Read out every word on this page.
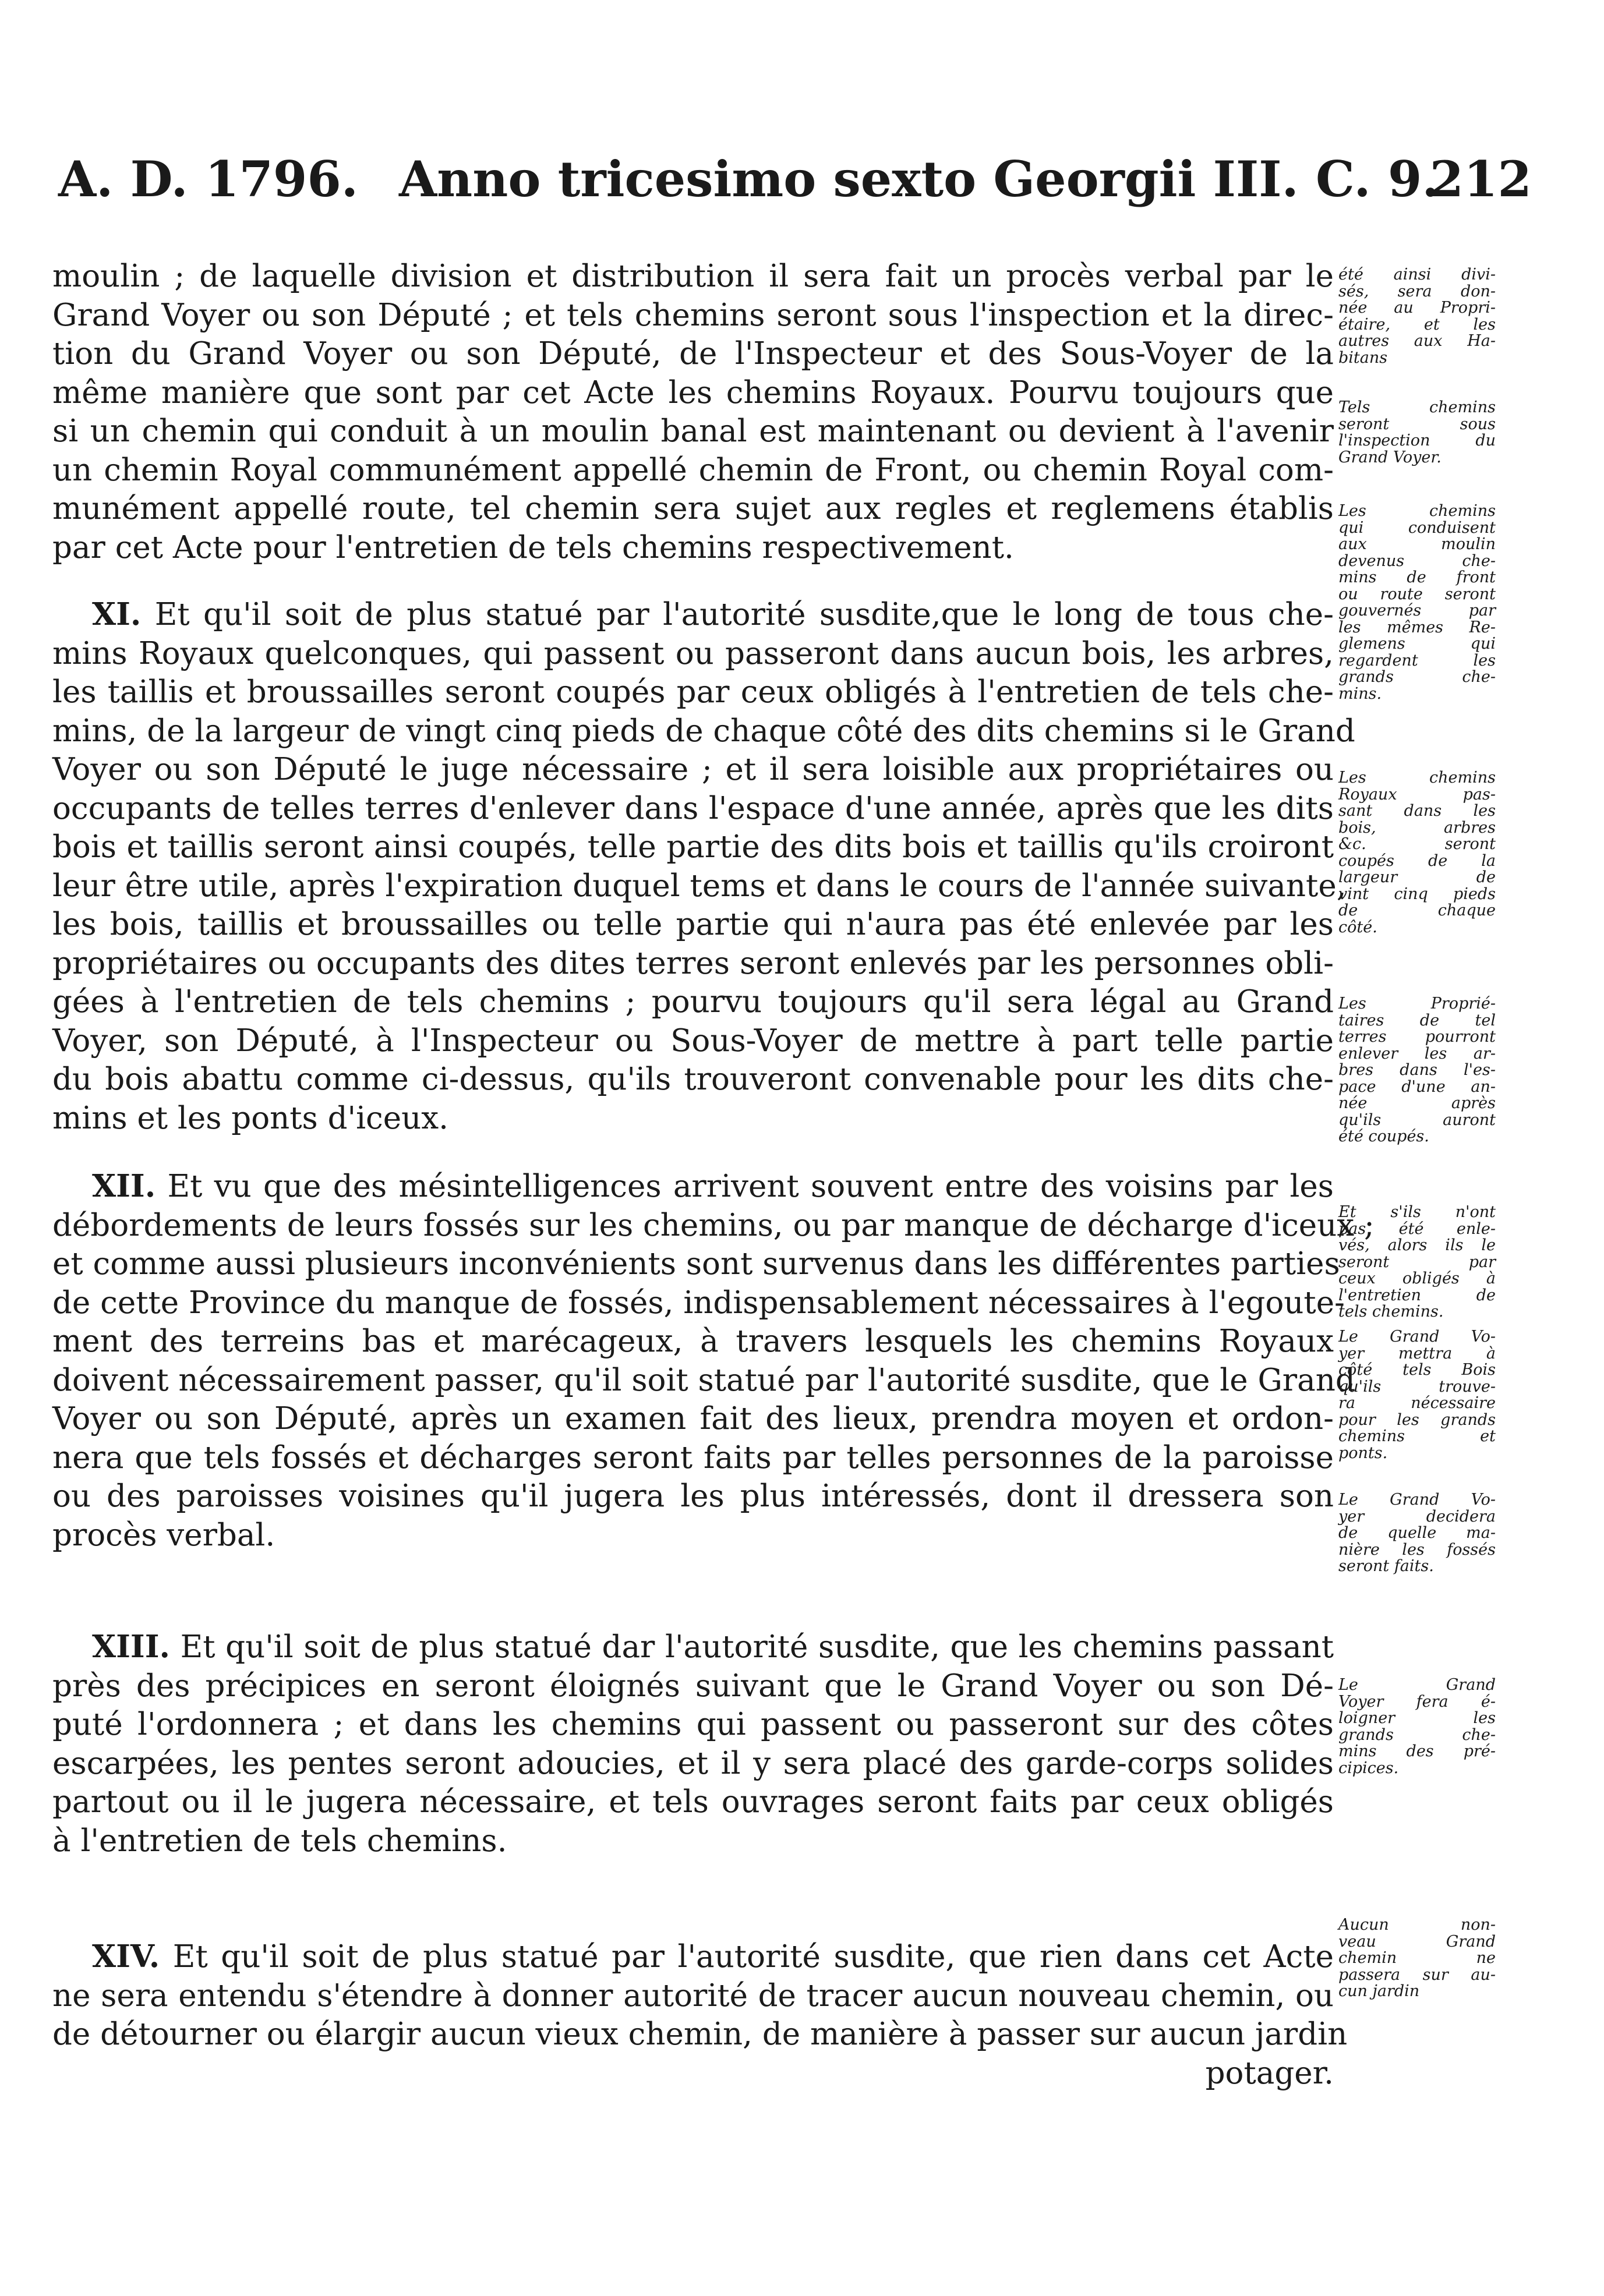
A. D. 1796. Anno tricesimo sexto Georgii III. C. 9.
212
moulin ; de laquelle division et distribution il sera fait un procès verbal par le
Grand Voyer ou son Député ; et tels chemins seront sous l'inspection et la direc-
tion du Grand Voyer ou son Député, de l'Inspecteur et des Sous-Voyer de la
même manière que sont par cet Acte les chemins Royaux. Pourvu toujours que
si un chemin qui conduit à un moulin banal est maintenant ou devient à l'avenir
un chemin Royal communément appellé chemin de Front, ou chemin Royal com-
munément appellé route, tel chemin sera sujet aux regles et reglemens établis
par cet Acte pour l'entretien de tels chemins respectivement.
XI. Et qu'il soit de plus statué par l'autorité susdite,que le long de tous che-
mins Royaux quelconques, qui passent ou passeront dans aucun bois, les arbres,
les taillis et broussailles seront coupés par ceux obligés à l'entretien de tels che-
mins, de la largeur de vingt cinq pieds de chaque côté des dits chemins si le Grand
Voyer ou son Député le juge nécessaire ; et il sera loisible aux propriétaires ou
occupants de telles terres d'enlever dans l'espace d'une année, après que les dits
bois et taillis seront ainsi coupés, telle partie des dits bois et taillis qu'ils croiront
leur être utile, après l'expiration duquel tems et dans le cours de l'année suivante,
les bois, taillis et broussailles ou telle partie qui n'aura pas été enlevée par les
propriétaires ou occupants des dites terres seront enlevés par les personnes obli-
gées à l'entretien de tels chemins ; pourvu toujours qu'il sera légal au Grand
Voyer, son Député, à l'Inspecteur ou Sous-Voyer de mettre à part telle partie
du bois abattu comme ci-dessus, qu'ils trouveront convenable pour les dits che-
mins et les ponts d'iceux.
XII. Et vu que des mésintelligences arrivent souvent entre des voisins par les
débordements de leurs fossés sur les chemins, ou par manque de décharge d'iceux ;
et comme aussi plusieurs inconvénients sont survenus dans les différentes parties
de cette Province du manque de fossés, indispensablement nécessaires à l'egoute-
ment des terreins bas et marécageux, à travers lesquels les chemins Royaux
doivent nécessairement passer, qu'il soit statué par l'autorité susdite, que le Grand
Voyer ou son Député, après un examen fait des lieux, prendra moyen et ordon-
nera que tels fossés et décharges seront faits par telles personnes de la paroisse
ou des paroisses voisines qu'il jugera les plus intéressés, dont il dressera son
procès verbal.
XIII. Et qu'il soit de plus statué dar l'autorité susdite, que les chemins passant
près des précipices en seront éloignés suivant que le Grand Voyer ou son Dé-
puté l'ordonnera ; et dans les chemins qui passent ou passeront sur des côtes
escarpées, les pentes seront adoucies, et il y sera placé des garde-corps solides
partout ou il le jugera nécessaire, et tels ouvrages seront faits par ceux obligés
à l'entretien de tels chemins.
XIV. Et qu'il soit de plus statué par l'autorité susdite, que rien dans cet Acte
ne sera entendu s'étendre à donner autorité de tracer aucun nouveau chemin, ou
de détourner ou élargir aucun vieux chemin, de manière à passer sur aucun jardin
potager.
été ainsi divi-
sés, sera don-
née au Propri-
étaire, et les
autres aux Ha-
bitans
Tels chemins
seront sous
l'inspection du
Grand Voyer.
Les chemins
qui conduisent
aux moulin
devenus che-
mins de front
ou route seront
gouvernés par
les mêmes Re-
glemens qui
regardent les
grands che-
mins.
Les chemins
Royaux pas-
sant dans les
bois, arbres
&c. seront
coupés de la
largeur de
vint cinq pieds
de chaque
côté.
Les Proprié-
taires de tel
terres pourront
enlever les ar-
bres dans l'es-
pace d'une an-
née après
qu'ils auront
été coupés.
Et s'ils n'ont
pas été enle-
vés, alors ils le
seront par
ceux obligés à
l'entretien de
tels chemins.
Le Grand Vo-
yer mettra à
côté tels Bois
qu'ils trouve-
ra nécessaire
pour les grands
chemins et
ponts.
Le Grand Vo-
yer decidera
de quelle ma-
nière les fossés
seront faits.
Le Grand
Voyer fera é-
loigner les
grands che-
mins des pré-
cipices.
Aucun non-
veau Grand
chemin ne
passera sur au-
cun jardin
